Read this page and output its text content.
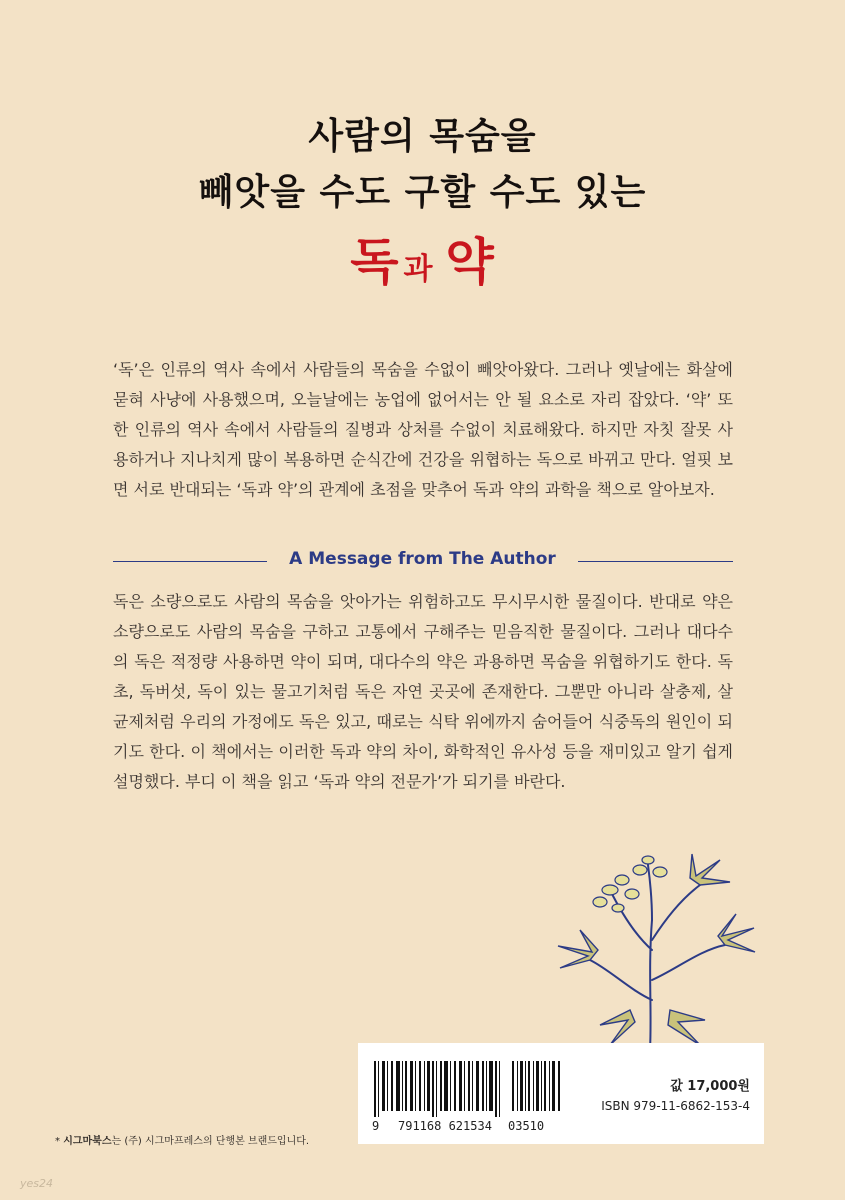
사람의 목숨을
빼앗을 수도 구할 수도 있는
독과 약

‘독’은 인류의 역사 속에서 사람들의 목숨을 수없이 빼앗아왔다. 그러나 옛날에는 화살에 묻혀 사냥에 사용했으며, 오늘날에는 농업에 없어서는 안 될 요소로 자리 잡았다. ‘약’ 또한 인류의 역사 속에서 사람들의 질병과 상처를 수없이 치료해왔다. 하지만 자칫 잘못 사용하거나 지나치게 많이 복용하면 순식간에 건강을 위협하는 독으로 바뀌고 만다. 얼핏 보면 서로 반대되는 ‘독과 약’의 관계에 초점을 맞추어 독과 약의 과학을 책으로 알아보자.

A Message from The Author

독은 소량으로도 사람의 목숨을 앗아가는 위험하고도 무시무시한 물질이다. 반대로 약은 소량으로도 사람의 목숨을 구하고 고통에서 구해주는 믿음직한 물질이다. 그러나 대다수의 독은 적정량 사용하면 약이 되며, 대다수의 약은 과용하면 목숨을 위협하기도 한다. 독초, 독버섯, 독이 있는 물고기처럼 독은 자연 곳곳에 존재한다. 그뿐만 아니라 살충제, 살균제처럼 우리의 가정에도 독은 있고, 때로는 식탁 위에까지 숨어들어 식중독의 원인이 되기도 한다. 이 책에서는 이러한 독과 약의 차이, 화학적인 유사성 등을 재미있고 알기 쉽게 설명했다. 부디 이 책을 읽고 ‘독과 약의 전문가’가 되기를 바란다.

9 791168 621534 03510
값 17,000원
ISBN 979-11-6862-153-4
* 시그마북스는 (주) 시그마프레스의 단행본 브랜드입니다.
yes24
